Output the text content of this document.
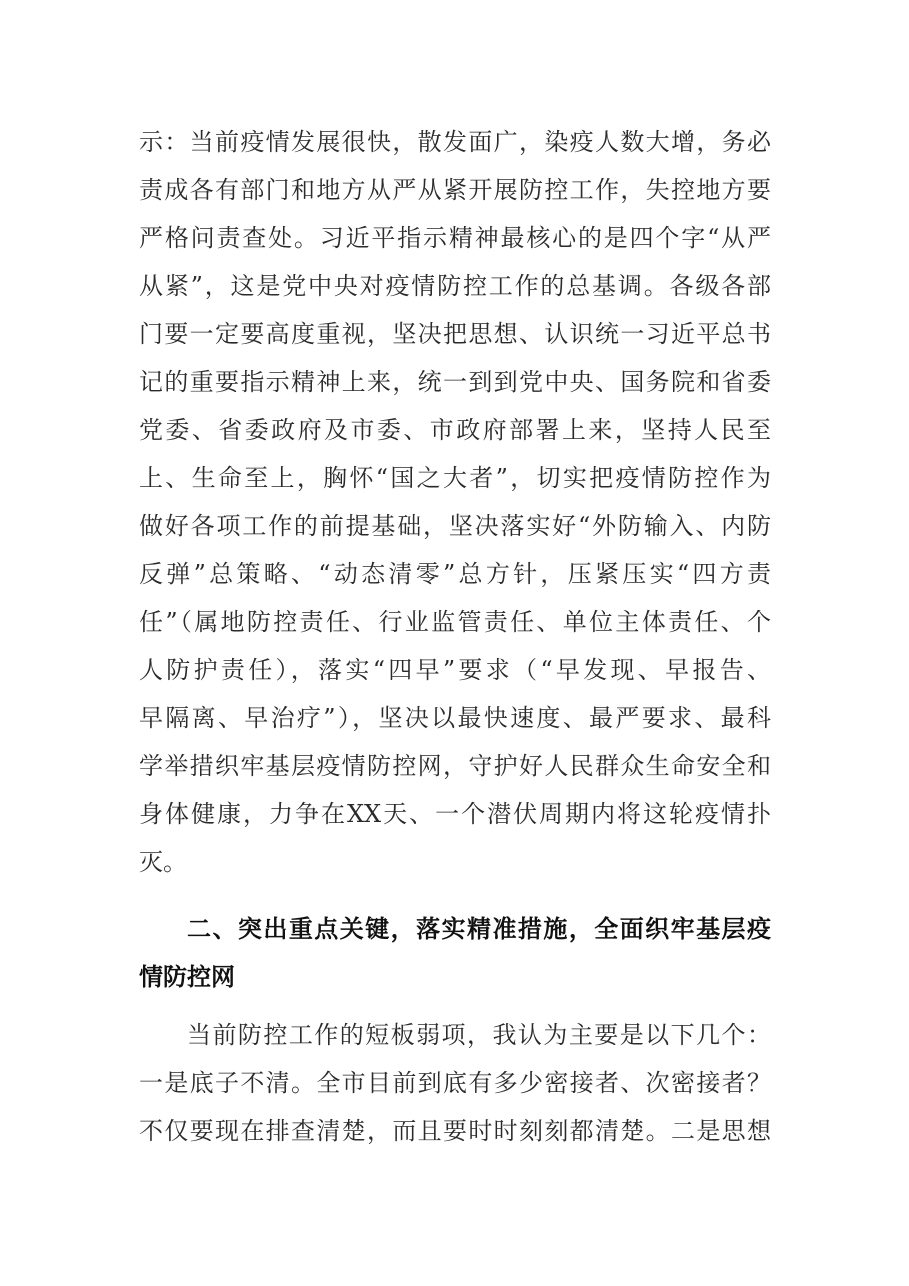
示：当前疫情发展很快，散发面广，染疫人数大增，务必
责成各有部门和地方从严从紧开展防控工作，失控地方要
严格问责查处。习近平指示精神最核心的是四个字“从严
从紧”，这是党中央对疫情防控工作的总基调。各级各部
门要一定要高度重视，坚决把思想、认识统一习近平总书
记的重要指示精神上来，统一到到党中央、国务院和省委
党委、省委政府及市委、市政府部署上来，坚持人民至
上、生命至上，胸怀“国之大者”，切实把疫情防控作为
做好各项工作的前提基础，坚决落实好“外防输入、内防
反弹”总策略、“动态清零”总方针，压紧压实“四方责
任”（属地防控责任、行业监管责任、单位主体责任、个
人防护责任），落实“四早”要求（“早发现、早报告、
早隔离、早治疗”），坚决以最快速度、最严要求、最科
学举措织牢基层疫情防控网，守护好人民群众生命安全和
身体健康，力争在XX天、一个潜伏周期内将这轮疫情扑
灭。
二、突出重点关键，落实精准措施，全面织牢基层疫
情防控网
当前防控工作的短板弱项，我认为主要是以下几个：
一是底子不清。全市目前到底有多少密接者、次密接者？
不仅要现在排查清楚，而且要时时刻刻都清楚。二是思想
